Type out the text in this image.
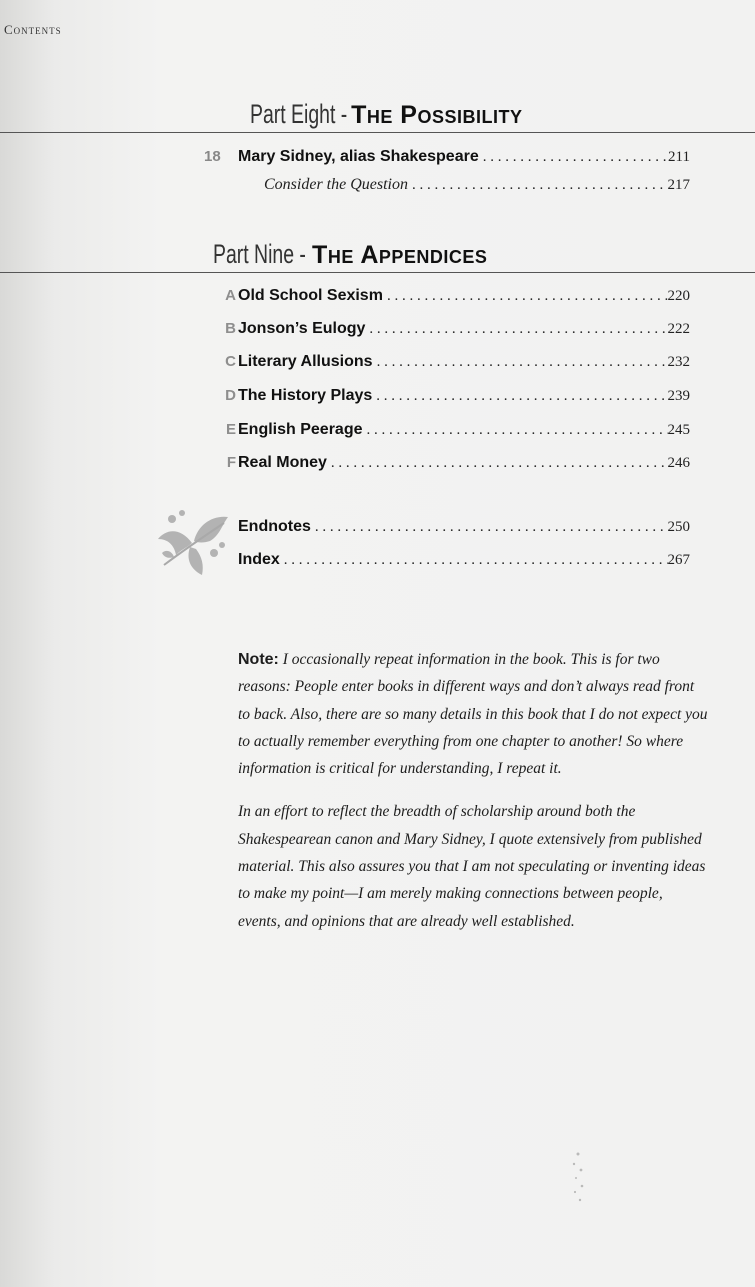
Contents
Part Eight -The Possibility
18	Mary Sidney, alias Shakespeare . . .	211
Consider the Question . . .	217
Part Nine -The Appendices
A Old School Sexism . . .	220
B Jonson’s Eulogy . . .	222
C Literary Allusions . . .	232
D The History Plays . . .	239
E English Peerage . . .	245
F Real Money . . .	246
Endnotes . . .	250
Index . . .	267

Note: I occasionally repeat information in the book. This is for two reasons: People enter books in different ways and don’t always read front to back. Also, there are so many details in this book that I do not expect you to actually remember everything from one chapter to another! So where information is critical for understanding, I repeat it.

In an effort to reflect the breadth of scholarship around both the Shakespearean canon and Mary Sidney, I quote extensively from published material. This also assures you that I am not speculating or inventing ideas to make my point—I am merely making connections between people, events, and opinions that are already well established.
